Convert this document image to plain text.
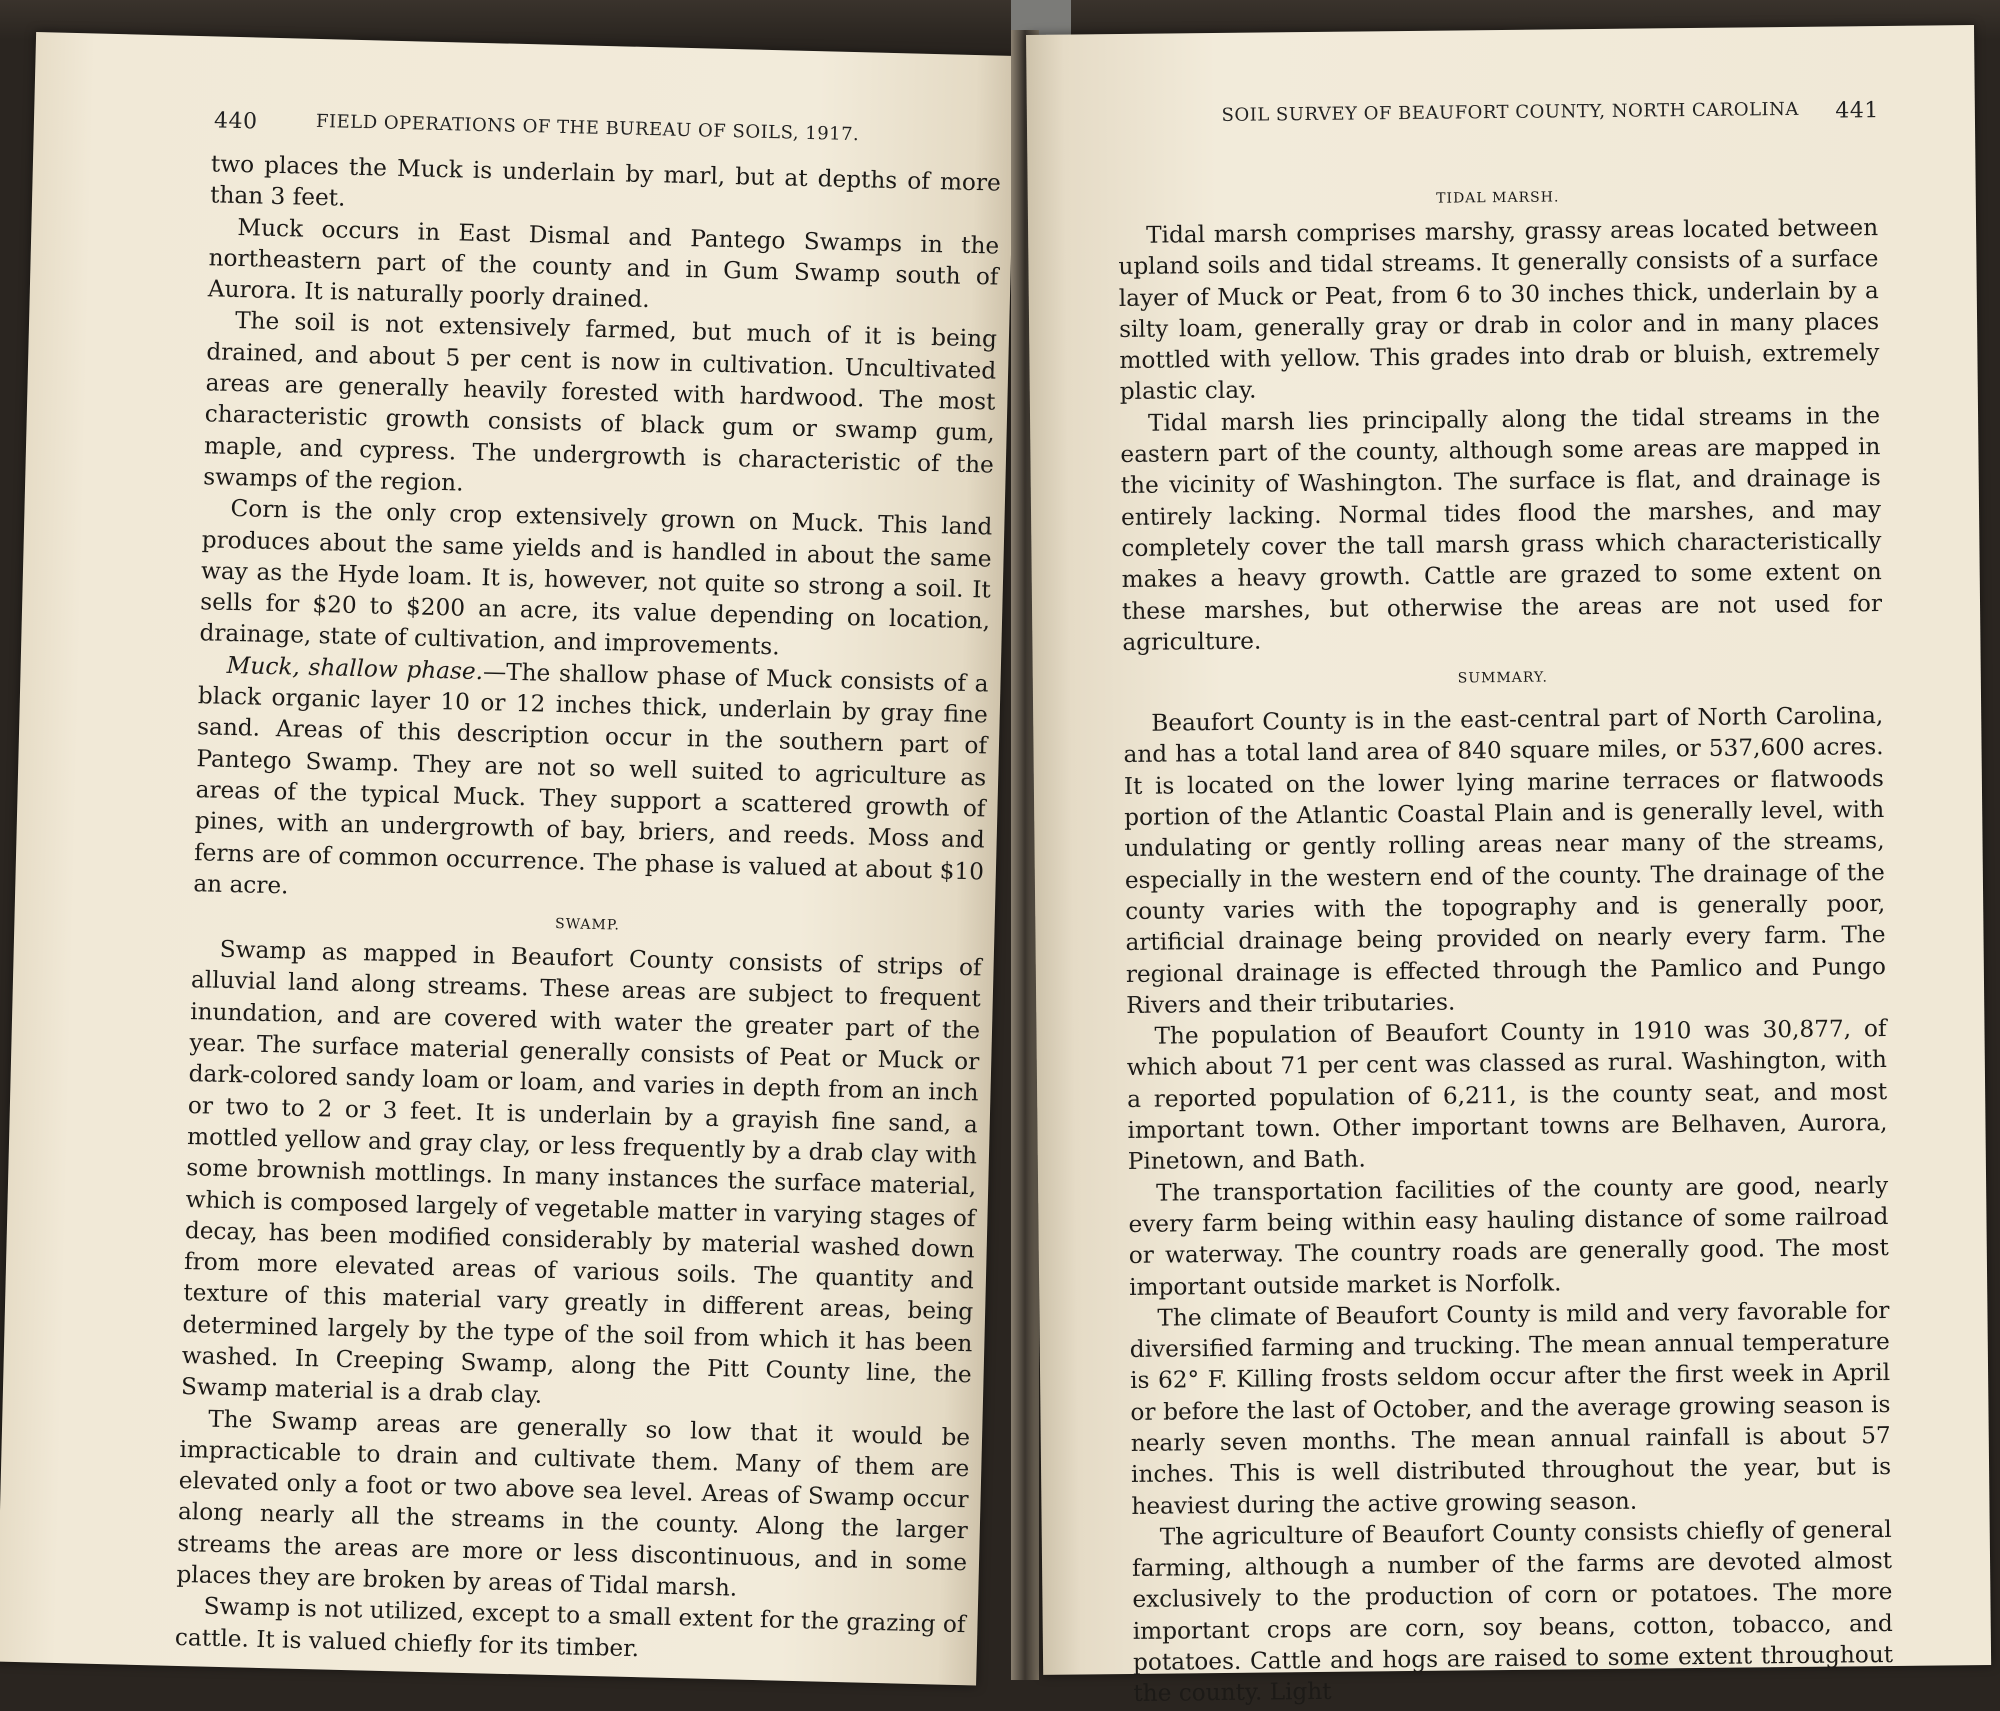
440	FIELD OPERATIONS OF THE BUREAU OF SOILS, 1917.

two places the Muck is underlain by marl, but at depths of more than 3 feet.

Muck occurs in East Dismal and Pantego Swamps in the northeastern part of the county and in Gum Swamp south of Aurora. It is naturally poorly drained.

The soil is not extensively farmed, but much of it is being drained, and about 5 per cent is now in cultivation. Uncultivated areas are generally heavily forested with hardwood. The most characteristic growth consists of black gum or swamp gum, maple, and cypress. The undergrowth is characteristic of the swamps of the region.

Corn is the only crop extensively grown on Muck. This land produces about the same yields and is handled in about the same way as the Hyde loam. It is, however, not quite so strong a soil. It sells for $20 to $200 an acre, its value depending on location, drainage, state of cultivation, and improvements.

Muck, shallow phase.—The shallow phase of Muck consists of a black organic layer 10 or 12 inches thick, underlain by gray fine sand. Areas of this description occur in the southern part of Pantego Swamp. They are not so well suited to agriculture as areas of the typical Muck. They support a scattered growth of pines, with an undergrowth of bay, briers, and reeds. Moss and ferns are of common occurrence. The phase is valued at about $10 an acre.

SWAMP.

Swamp as mapped in Beaufort County consists of strips of alluvial land along streams. These areas are subject to frequent inundation, and are covered with water the greater part of the year. The surface material generally consists of Peat or Muck or dark-colored sandy loam or loam, and varies in depth from an inch or two to 2 or 3 feet. It is underlain by a grayish fine sand, a mottled yellow and gray clay, or less frequently by a drab clay with some brownish mottlings. In many instances the surface material, which is composed largely of vegetable matter in varying stages of decay, has been modified considerably by material washed down from more elevated areas of various soils. The quantity and texture of this material vary greatly in different areas, being determined largely by the type of the soil from which it has been washed. In Creeping Swamp, along the Pitt County line, the Swamp material is a drab clay.

The Swamp areas are generally so low that it would be impracticable to drain and cultivate them. Many of them are elevated only a foot or two above sea level. Areas of Swamp occur along nearly all the streams in the county. Along the larger streams the areas are more or less discontinuous, and in some places they are broken by areas of Tidal marsh.

Swamp is not utilized, except to a small extent for the grazing of cattle. It is valued chiefly for its timber.

SOIL SURVEY OF BEAUFORT COUNTY, NORTH CAROLINA 441
TIDAL MARSH.

Tidal marsh comprises marshy, grassy areas located between upland soils and tidal streams. It generally consists of a surface layer of Muck or Peat, from 6 to 30 inches thick, underlain by a silty loam, generally gray or drab in color and in many places mottled with yellow. This grades into drab or bluish, extremely plastic clay.

Tidal marsh lies principally along the tidal streams in the eastern part of the county, although some areas are mapped in the vicinity of Washington. The surface is flat, and drainage is entirely lacking. Normal tides flood the marshes, and may completely cover the tall marsh grass which characteristically makes a heavy growth. Cattle are grazed to some extent on these marshes, but otherwise the areas are not used for agriculture.

SUMMARY.

Beaufort County is in the east-central part of North Carolina, and has a total land area of 840 square miles, or 537,600 acres. It is located on the lower lying marine terraces or flatwoods portion of the Atlantic Coastal Plain and is generally level, with undulating or gently rolling areas near many of the streams, especially in the western end of the county. The drainage of the county varies with the topography and is generally poor, artificial drainage being provided on nearly every farm. The regional drainage is effected through the Pamlico and Pungo Rivers and their tributaries.

The population of Beaufort County in 1910 was 30,877, of which about 71 per cent was classed as rural. Washington, with a reported population of 6,211, is the county seat, and most important town. Other important towns are Belhaven, Aurora, Pinetown, and Bath.

The transportation facilities of the county are good, nearly every farm being within easy hauling distance of some railroad or waterway. The country roads are generally good. The most important outside market is Norfolk.

The climate of Beaufort County is mild and very favorable for diversified farming and trucking. The mean annual temperature is 62° F. Killing frosts seldom occur after the first week in April or before the last of October, and the average growing season is nearly seven months. The mean annual rainfall is about 57 inches. This is well distributed throughout the year, but is heaviest during the active growing season.

The agriculture of Beaufort County consists chiefly of general farming, although a number of the farms are devoted almost exclusively to the production of corn or potatoes. The more important crops are corn, soy beans, cotton, tobacco, and potatoes. Cattle and hogs are raised to some extent throughout the county. Light
